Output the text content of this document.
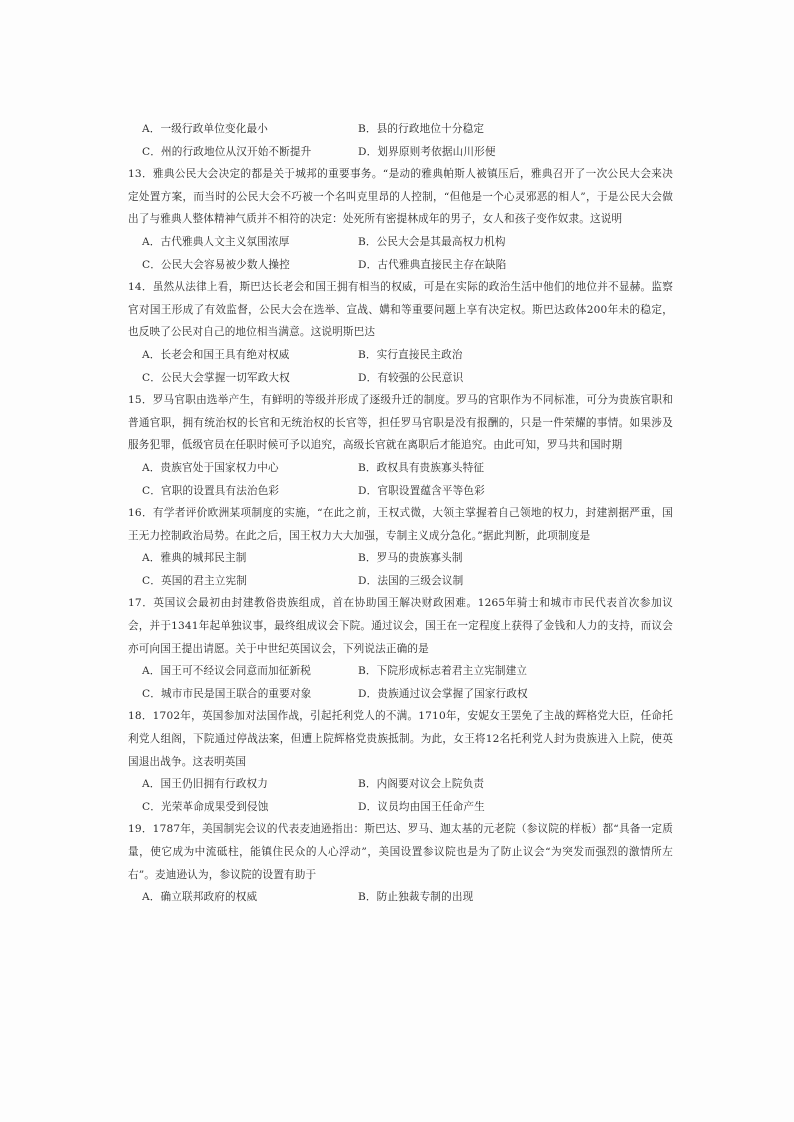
A．一级行政单位变化最小	B．县的行政地位十分稳定
C．州的行政地位从汉开始不断提升	D．划界原则考依据山川形便
13．雅典公民大会决定的都是关于城邦的重要事务。“是动的雅典帕斯人被镇压后，雅典召开了一次公民大会来决定处置方案，而当时的公民大会不巧被一个名叫克里昂的人控制，“但他是一个心灵邪恶的相人”，于是公民大会做出了与雅典人整体精神气质并不相符的决定：处死所有密提林成年的男子，女人和孩子变作奴隶。这说明
A．古代雅典人文主义氛围浓厚	B．公民大会是其最高权力机构
C．公民大会容易被少数人操控	D．古代雅典直接民主存在缺陷
14．虽然从法律上看，斯巴达长老会和国王拥有相当的权威，可是在实际的政治生活中他们的地位并不显赫。监察官对国王形成了有效监督，公民大会在选举、宣战、媾和等重要问题上享有决定权。斯巴达政体200年未的稳定，也反映了公民对自己的地位相当满意。这说明斯巴达
A．长老会和国王具有绝对权威	B．实行直接民主政治
C．公民大会掌握一切军政大权	D．有较强的公民意识
15．罗马官职由选举产生，有鲜明的等级并形成了逐级升迁的制度。罗马的官职作为不同标准，可分为贵族官职和普通官职，拥有统治权的长官和无统治权的长官等，担任罗马官职是没有报酬的，只是一件荣耀的事情。如果涉及服务犯罪，低级官员在任职时候可予以追究，高级长官就在离职后才能追究。由此可知，罗马共和国时期
A．贵族官处于国家权力中心	B．政权具有贵族寡头特征
C．官职的设置具有法治色彩	D．官职设置蕴含平等色彩
16．有学者评价欧洲某项制度的实施，“在此之前，王权式微，大领主掌握着自己领地的权力，封建割据严重，国王无力控制政治局势。在此之后，国王权力大大加强，专制主义成分急化。”据此判断，此项制度是
A．雅典的城邦民主制	B．罗马的贵族寡头制
C．英国的君主立宪制	D．法国的三级会议制
17．英国议会最初由封建教俗贵族组成，首在协助国王解决财政困难。1265年骑士和城市市民代表首次参加议会，并于1341年起单独议事，最终组成议会下院。通过议会，国王在一定程度上获得了金钱和人力的支持，而议会亦可向国王提出请愿。关于中世纪英国议会，下列说法正确的是
A．国王可不经议会同意而加征新税	B．下院形成标志着君主立宪制建立
C．城市市民是国王联合的重要对象	D．贵族通过议会掌握了国家行政权
18．1702年，英国参加对法国作战，引起托利党人的不满。1710年，安妮女王罢免了主战的辉格党大臣，任命托利党人组阁，下院通过停战法案，但遭上院辉格党贵族抵制。为此，女王将12名托利党人封为贵族进入上院，使英国退出战争。这表明英国
A．国王仍旧拥有行政权力	B．内阁要对议会上院负责
C．光荣革命成果受到侵蚀	D．议员均由国王任命产生
19．1787年，美国制宪会议的代表麦迪逊指出：斯巴达、罗马、迦太基的元老院（参议院的样板）都“具备一定质量，使它成为中流砥柱，能镇住民众的人心浮动”，美国设置参议院也是为了防止议会“为突发而强烈的激情所左右”。麦迪逊认为，参议院的设置有助于
A．确立联邦政府的权威	B．防止独裁专制的出现
